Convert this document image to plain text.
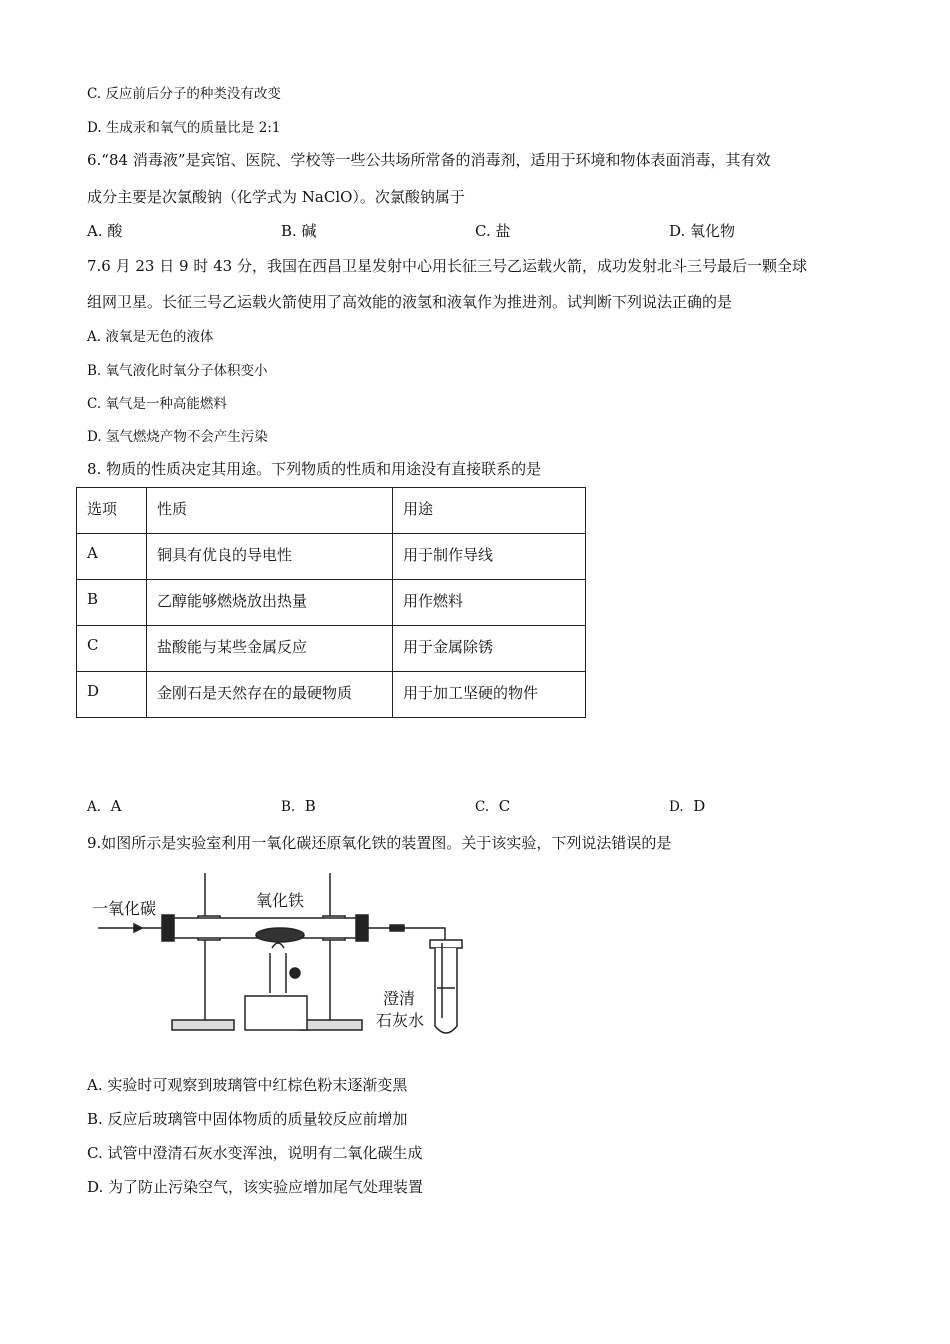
C. 反应前后分子的种类没有改变
D. 生成汞和氧气的质量比是 2:1
6.“84 消毒液”是宾馆、医院、学校等一些公共场所常备的消毒剂，适用于环境和物体表面消毒，其有效
成分主要是次氯酸钠（化学式为 NaClO）。次氯酸钠属于
A. 酸	B. 碱	C. 盐	D. 氧化物
7.6 月 23 日 9 时 43 分，我国在西昌卫星发射中心用长征三号乙运载火箭，成功发射北斗三号最后一颗全球
组网卫星。长征三号乙运载火箭使用了高效能的液氢和液氧作为推进剂。试判断下列说法正确的是
A. 液氧是无色的液体
B. 氧气液化时氧分子体积变小
C. 氧气是一种高能燃料
D. 氢气燃烧产物不会产生污染
8. 物质的性质决定其用途。下列物质的性质和用途没有直接联系的是
选项	性质	用途
A	铜具有优良的导电性	用于制作导线
B	乙醇能够燃烧放出热量	用作燃料
C	盐酸能与某些金属反应	用于金属除锈
D	金刚石是天然存在的最硬物质	用于加工坚硬的物件
A. A	B. B	C. C	D. D
9.如图所示是实验室利用一氧化碳还原氧化铁的装置图。关于该实验，下列说法错误的是
一氧化碳	氧化铁
澄清
石灰水
A. 实验时可观察到玻璃管中红棕色粉末逐渐变黑
B. 反应后玻璃管中固体物质的质量较反应前增加
C. 试管中澄清石灰水变浑浊，说明有二氧化碳生成
D. 为了防止污染空气，该实验应增加尾气处理装置
